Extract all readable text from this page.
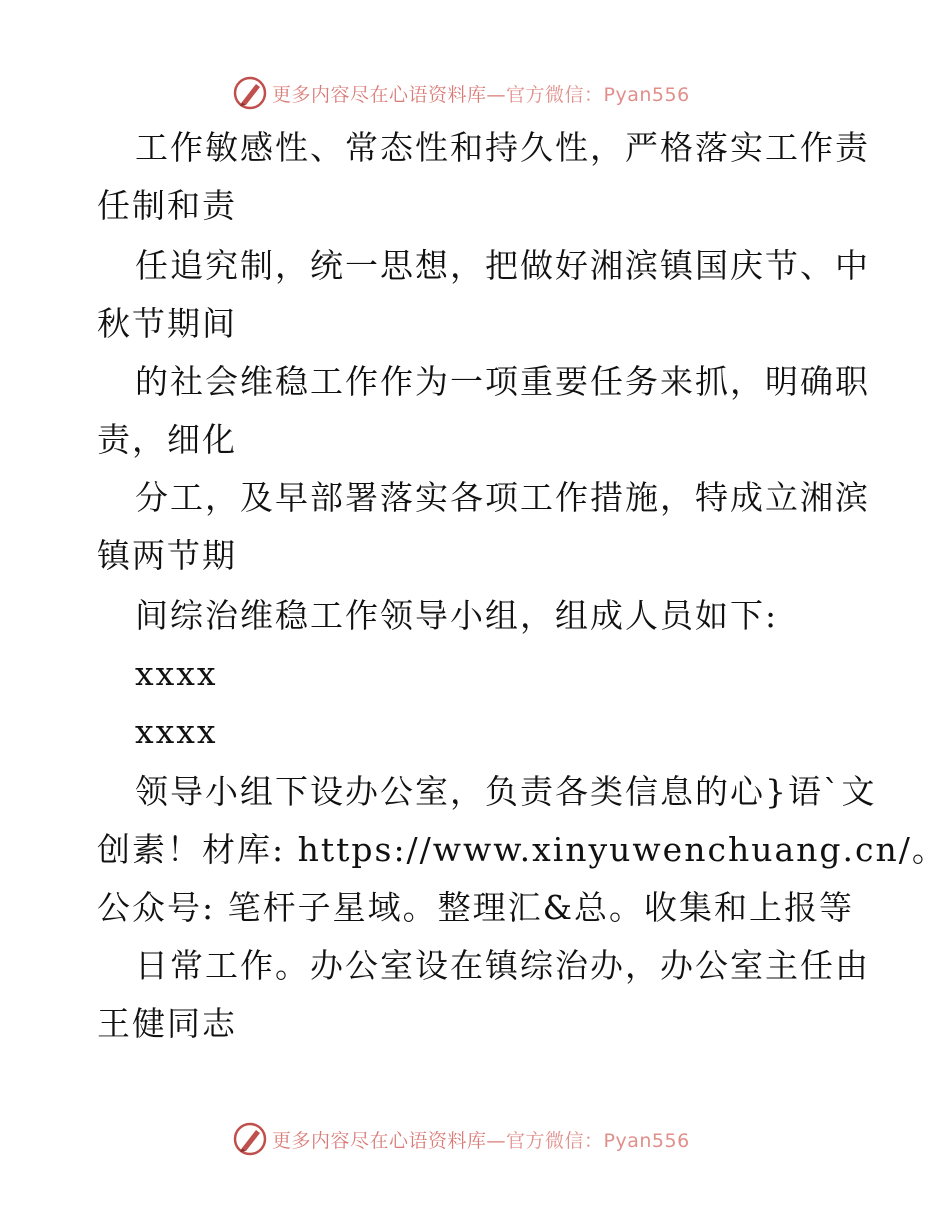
更多内容尽在心语资料库—官方微信：Pyan556
工作敏感性、常态性和持久性，严格落实工作责
任制和责
任追究制，统一思想，把做好湘滨镇国庆节、中
秋节期间
的社会维稳工作作为一项重要任务来抓，明确职
责，细化
分工，及早部署落实各项工作措施，特成立湘滨
镇两节期
间综治维稳工作领导小组，组成人员如下:
xxxx
xxxx
领导小组下设办公室，负责各类信息的心}语`文
创素！材库: https://www.xinyuwenchuang.cn/。
公众号: 笔杆子星域。整理汇&总。收集和上报等
日常工作。办公室设在镇综治办，办公室主任由
王健同志
更多内容尽在心语资料库—官方微信：Pyan556
